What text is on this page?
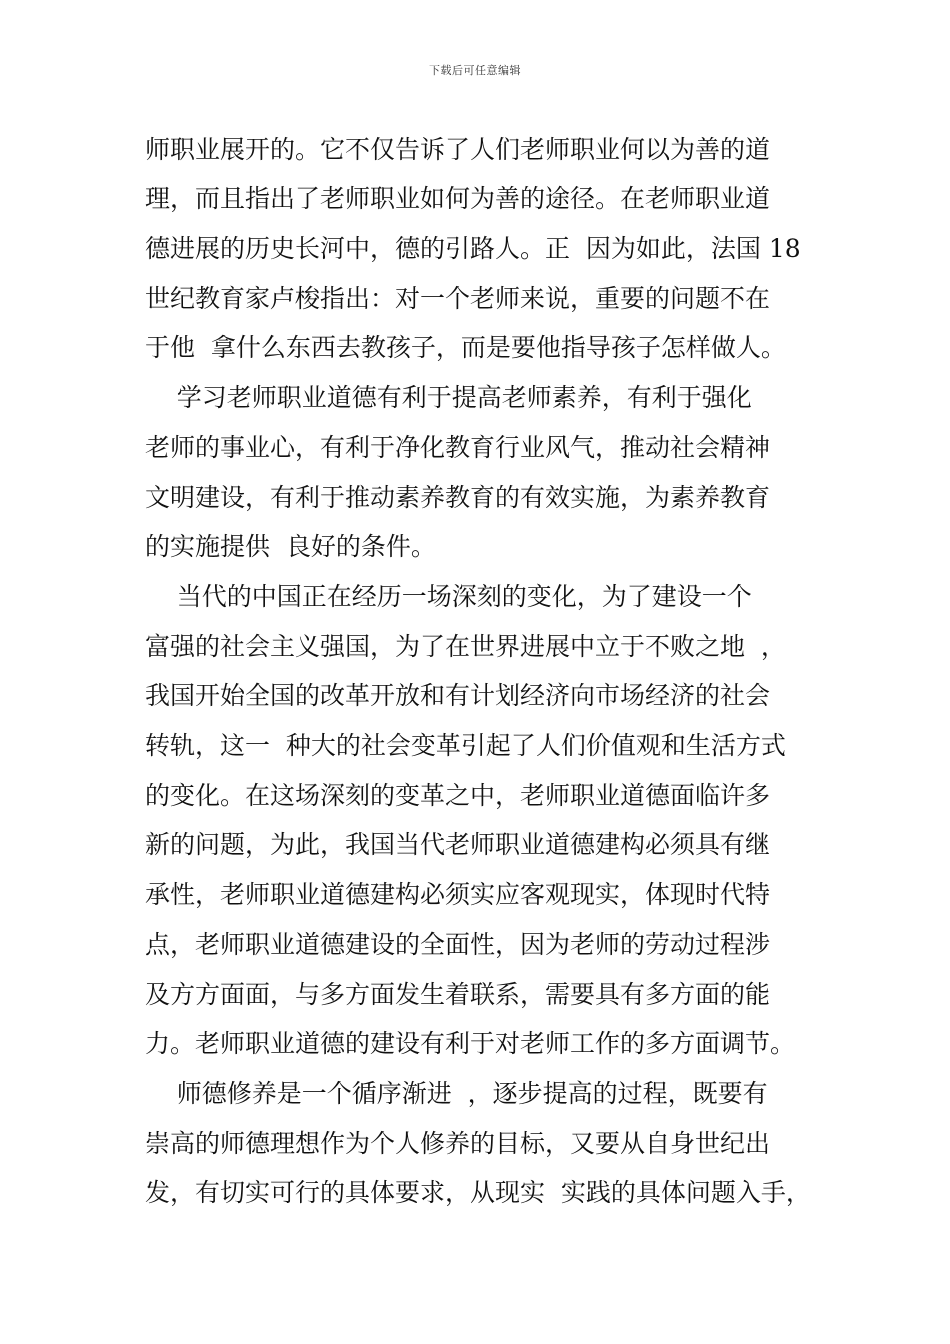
下载后可任意编辑
师职业展开的。它不仅告诉了人们老师职业何以为善的道
理，而且指出了老师职业如何为善的途径。在老师职业道
德进展的历史长河中，德的引路人。正  因为如此，法国 18
世纪教育家卢梭指出：对一个老师来说，重要的问题不在
于他  拿什么东西去教孩子，而是要他指导孩子怎样做人。
学习老师职业道德有利于提高老师素养，有利于强化
老师的事业心，有利于净化教育行业风气，推动社会精神
文明建设，有利于推动素养教育的有效实施，为素养教育
的实施提供  良好的条件。
当代的中国正在经历一场深刻的变化，为了建设一个
富强的社会主义强国，为了在世界进展中立于不败之地  ，
我国开始全国的改革开放和有计划经济向市场经济的社会
转轨，这一  种大的社会变革引起了人们价值观和生活方式
的变化。在这场深刻的变革之中，老师职业道德面临许多
新的问题，为此，我国当代老师职业道德建构必须具有继
承性，老师职业道德建构必须实应客观现实，体现时代特
点，老师职业道德建设的全面性，因为老师的劳动过程涉
及方方面面，与多方面发生着联系，需要具有多方面的能
力。老师职业道德的建设有利于对老师工作的多方面调节。
师德修养是一个循序渐进  ，逐步提高的过程，既要有
崇高的师德理想作为个人修养的目标，又要从自身世纪出
发，有切实可行的具体要求，从现实  实践的具体问题入手，
